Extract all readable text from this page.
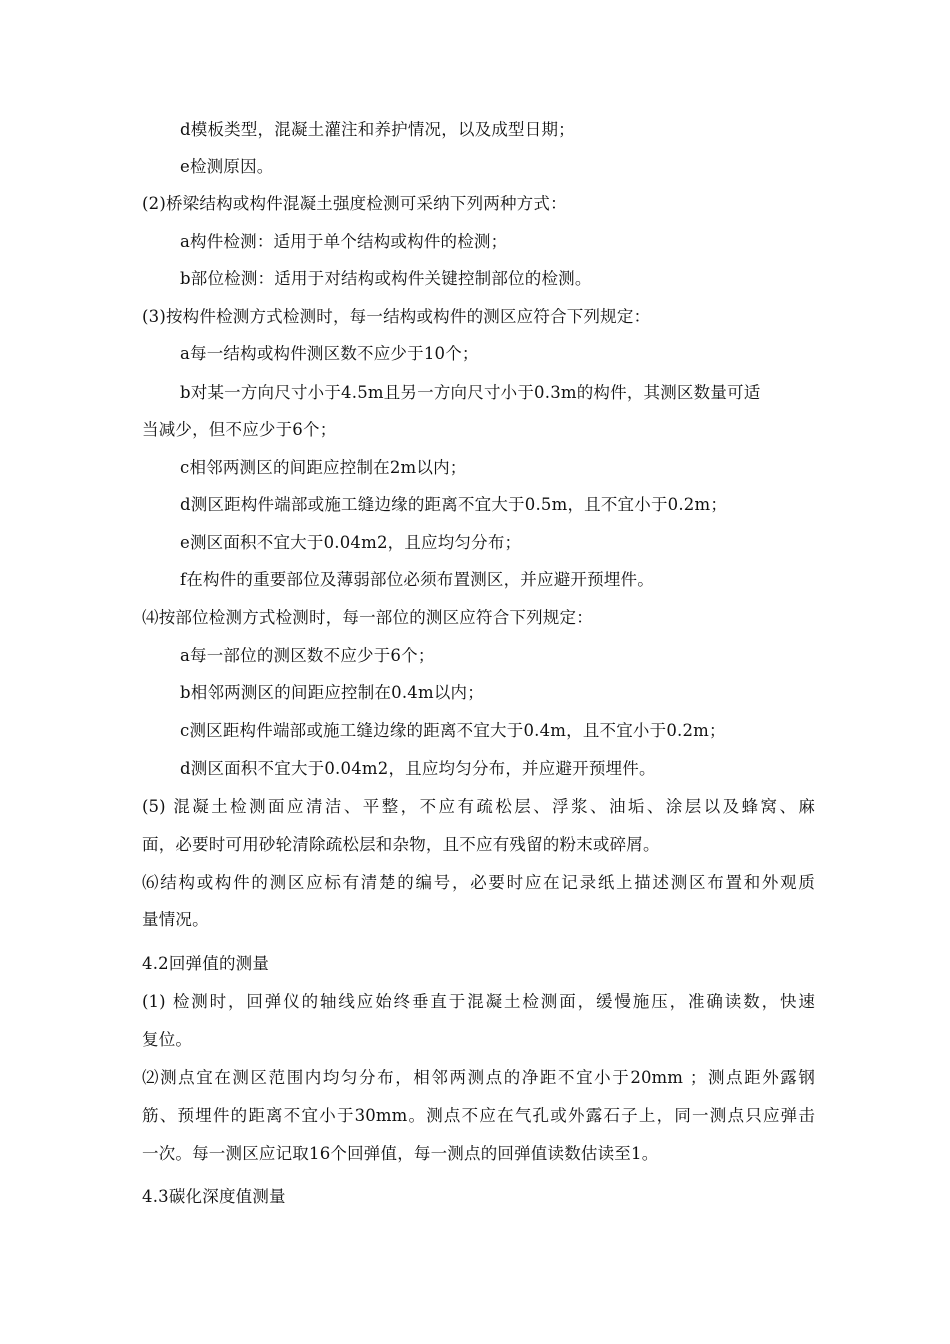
d模板类型，混凝土灌注和养护情况，以及成型日期；
e检测原因。
(2)桥梁结构或构件混凝土强度检测可采纳下列两种方式：
a构件检测：适用于单个结构或构件的检测；
b部位检测：适用于对结构或构件关键控制部位的检测。
(3)按构件检测方式检测时，每一结构或构件的测区应符合下列规定：
a每一结构或构件测区数不应少于10个；
b对某一方向尺寸小于4.5m且另一方向尺寸小于0.3m的构件，其测区数量可适
当减少，但不应少于6个；
c相邻两测区的间距应控制在2m以内；
d测区距构件端部或施工缝边缘的距离不宜大于0.5m，且不宜小于0.2m；
e测区面积不宜大于0.04m2，且应均匀分布；
f在构件的重要部位及薄弱部位必须布置测区，并应避开预埋件。
⑷按部位检测方式检测时，每一部位的测区应符合下列规定：
a每一部位的测区数不应少于6个；
b相邻两测区的间距应控制在0.4m以内；
c测区距构件端部或施工缝边缘的距离不宜大于0.4m，且不宜小于0.2m；
d测区面积不宜大于0.04m2，且应均匀分布，并应避开预埋件。
(5) 混凝土检测面应清洁、平整，不应有疏松层、浮浆、油垢、涂层以及蜂窝、麻
面，必要时可用砂轮清除疏松层和杂物，且不应有残留的粉末或碎屑。
⑹结构或构件的测区应标有清楚的编号，必要时应在记录纸上描述测区布置和外观质
量情况。
4.2回弹值的测量
(1) 检测时，回弹仪的轴线应始终垂直于混凝土检测面，缓慢施压，准确读数，快速
复位。
⑵测点宜在测区范围内均匀分布，相邻两测点的净距不宜小于20mm ；测点距外露钢
筋、预埋件的距离不宜小于30mm。测点不应在气孔或外露石子上，同一测点只应弹击
一次。每一测区应记取16个回弹值，每一测点的回弹值读数估读至1。
4.3碳化深度值测量
